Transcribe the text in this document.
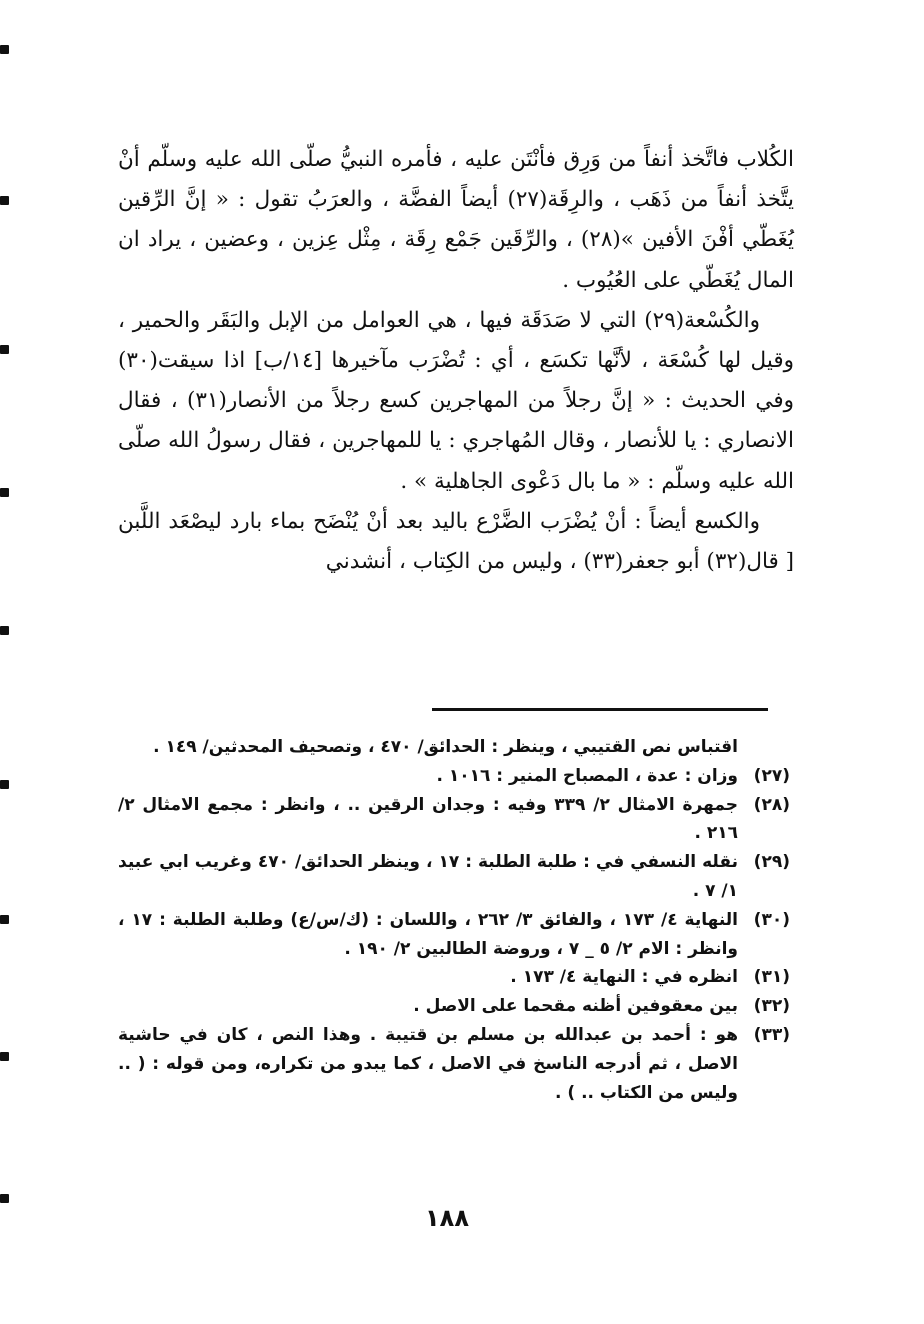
الكُلاب فاتَّخذ أنفاً من وَرِق فأنْتَن عليه ، فأمره النبيُّ صلّى الله عليه وسلّم أنْ يتَّخذ أنفاً من ذَهَب ، والرِقَة(٢٧) أيضاً الفضَّة ، والعرَبُ تقول : « إنَّ الرِّقين يُغَطّي أفْنَ الأفين »(٢٨) ، والرِّقَين جَمْع رِقَة ، مِثْل عِزين ، وعضين ، يراد ان المال يُغَطّي على العُيُوب .

والكُسْعة(٢٩) التي لا صَدَقَة فيها ، هي العوامل من الإبل والبَقَر والحمير ، وقيل لها كُسْعَة ، لأنَّها تكسَع ، أي : تُضْرَب مآخيرها [١٤/ب] اذا سيقت(٣٠) وفي الحديث : « إنَّ رجلاً من المهاجرين كسع رجلاً من الأنصار(٣١) ، فقال الانصاري : يا للأنصار ، وقال المُهاجري : يا للمهاجرين ، فقال رسولُ الله صلّى الله عليه وسلّم : « ما بال دَعْوى الجاهلية » .

والكسع أيضاً : أنْ يُضْرَب الضَّرْع باليد بعد أنْ يُنْضَح بماء بارد ليصْعَد اللَّبن [ قال(٣٢) أبو جعفر(٣٣) ، وليس من الكِتاب ، أنشدني

اقتباس نص القتيبي ، وينظر : الحدائق/ ٤٧٠ ، وتصحيف المحدثين/ ١٤٩ .
(٢٧)
وزان : عدة ، المصباح المنير : ١٠١٦ .
(٢٨)
جمهرة الامثال ٢/ ٣٣٩ وفيه : وجدان الرقين .. ، وانظر : مجمع الامثال ٢/ ٢١٦ .
(٢٩)
نقله النسفي في : طلبة الطلبة : ١٧ ، وينظر الحدائق/ ٤٧٠ وغريب ابي عبيد ١/ ٧ .
(٣٠)
النهاية ٤/ ١٧٣ ، والفائق ٣/ ٢٦٢ ، واللسان : (ك/س/ع) وطلبة الطلبة : ١٧ ، وانظر : الام ٢/ ٥ _ ٧ ، وروضة الطالبين ٢/ ١٩٠ .
(٣١)
انظره في : النهاية ٤/ ١٧٣ .
(٣٢)
بين معقوفين أظنه مقحما على الاصل .
(٣٣)
هو : أحمد بن عبدالله بن مسلم بن قتيبة . وهذا النص ، كان في حاشية الاصل ، ثم أدرجه الناسخ في الاصل ، كما يبدو من تكراره، ومن قوله : ( .. وليس من الكتاب .. ) .
١٨٨
